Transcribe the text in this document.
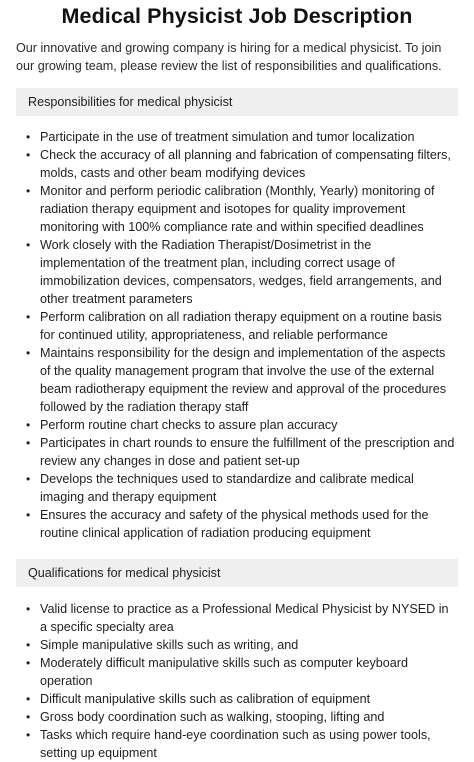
Medical Physicist Job Description

Our innovative and growing company is hiring for a medical physicist. To join our growing team, please review the list of responsibilities and qualifications.

Responsibilities for medical physicist
• Participate in the use of treatment simulation and tumor localization
• Check the accuracy of all planning and fabrication of compensating filters, molds, casts and other beam modifying devices
• Monitor and perform periodic calibration (Monthly, Yearly) monitoring of radiation therapy equipment and isotopes for quality improvement monitoring with 100% compliance rate and within specified deadlines
• Work closely with the Radiation Therapist/Dosimetrist in the implementation of the treatment plan, including correct usage of immobilization devices, compensators, wedges, field arrangements, and other treatment parameters
• Perform calibration on all radiation therapy equipment on a routine basis for continued utility, appropriateness, and reliable performance
• Maintains responsibility for the design and implementation of the aspects of the quality management program that involve the use of the external beam radiotherapy equipment the review and approval of the procedures followed by the radiation therapy staff
• Perform routine chart checks to assure plan accuracy
• Participates in chart rounds to ensure the fulfillment of the prescription and review any changes in dose and patient set-up
• Develops the techniques used to standardize and calibrate medical imaging and therapy equipment
• Ensures the accuracy and safety of the physical methods used for the routine clinical application of radiation producing equipment
Qualifications for medical physicist
• Valid license to practice as a Professional Medical Physicist by NYSED in a specific specialty area
• Simple manipulative skills such as writing, and
• Moderately difficult manipulative skills such as computer keyboard operation
• Difficult manipulative skills such as calibration of equipment
• Gross body coordination such as walking, stooping, lifting and
• Tasks which require hand-eye coordination such as using power tools, setting up equipment
